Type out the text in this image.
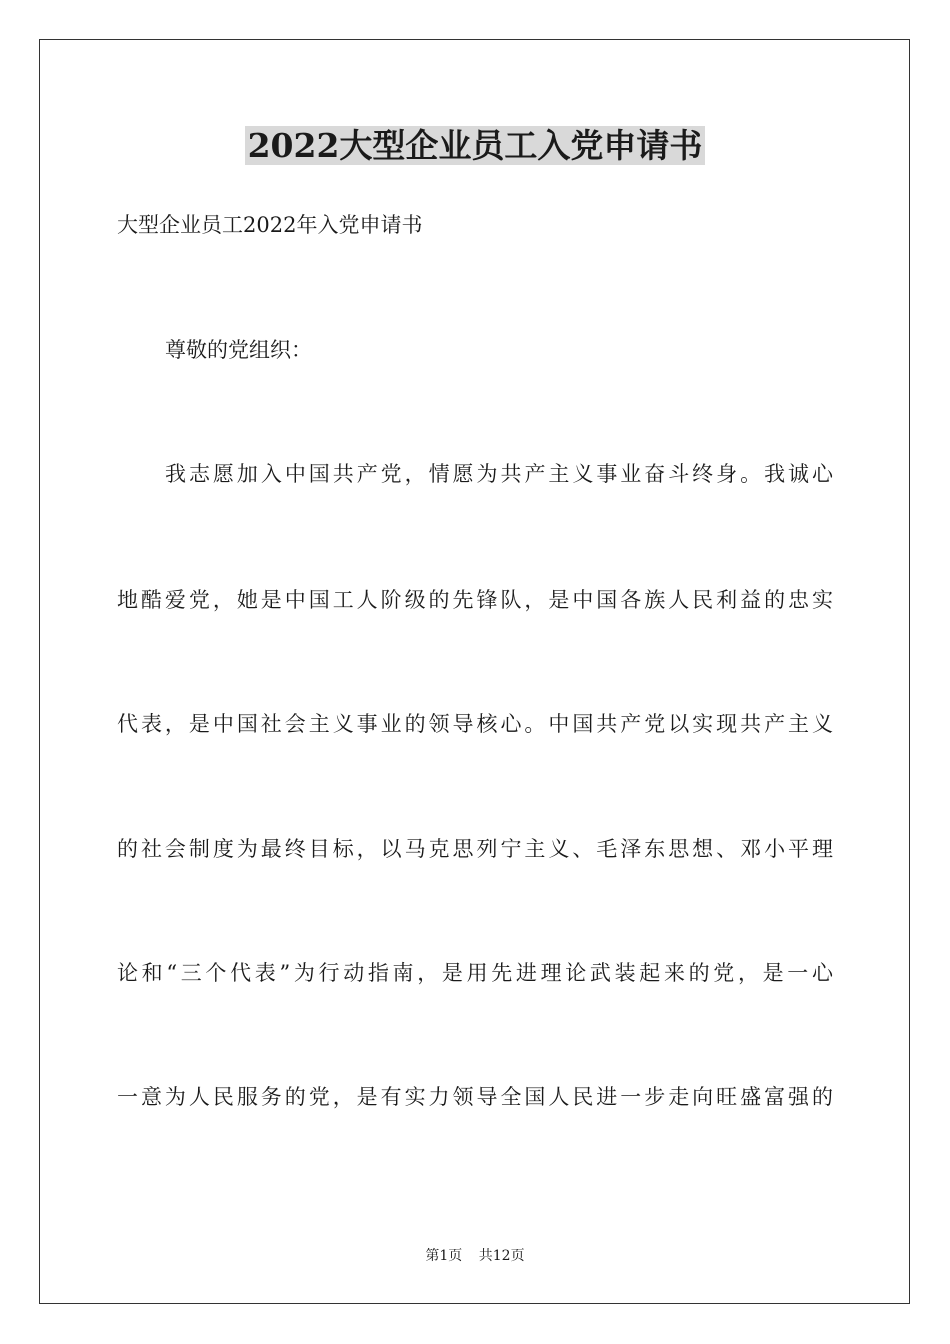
2022大型企业员工入党申请书
大型企业员工2022年入党申请书
尊敬的党组织：
我志愿加入中国共产党，情愿为共产主义事业奋斗终身。我诚心
地酷爱党，她是中国工人阶级的先锋队，是中国各族人民利益的忠实
代表，是中国社会主义事业的领导核心。中国共产党以实现共产主义
的社会制度为最终目标，以马克思列宁主义、毛泽东思想、邓小平理
论和“三个代表”为行动指南，是用先进理论武装起来的党，是一心
一意为人民服务的党，是有实力领导全国人民进一步走向旺盛富强的
第1页 共12页
